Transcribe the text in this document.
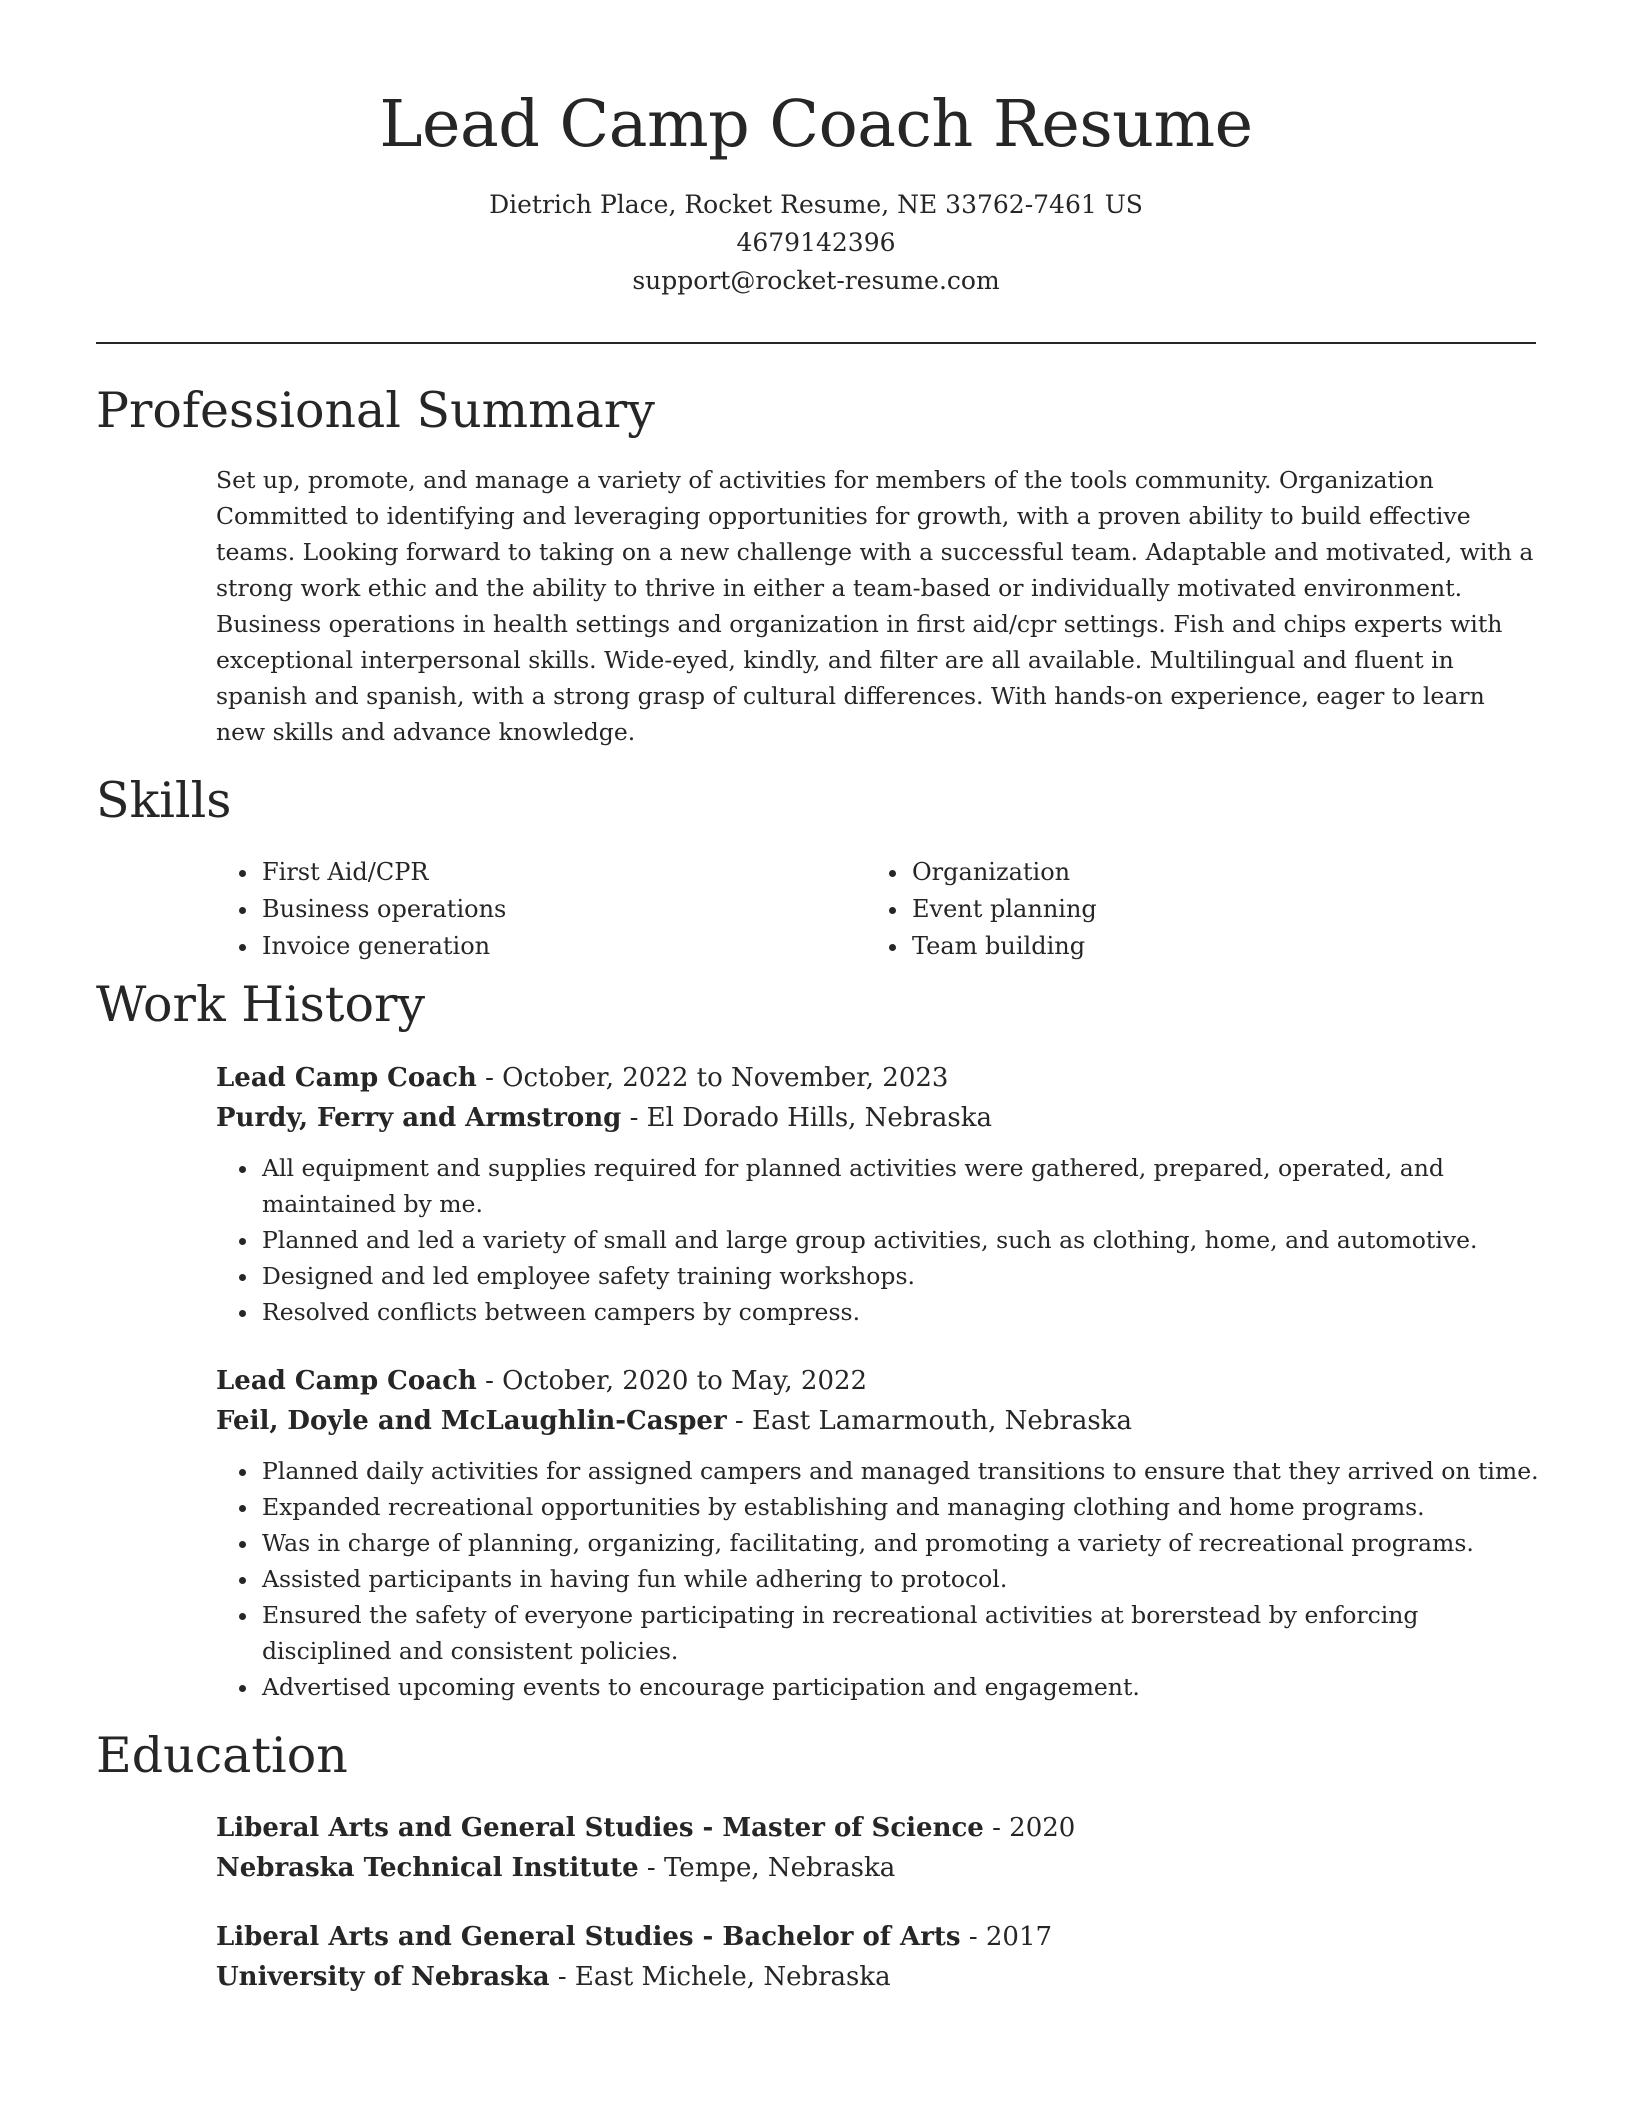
Lead Camp Coach Resume
Dietrich Place, Rocket Resume, NE 33762-7461 US
4679142396
support@rocket-resume.com
Professional Summary

Set up, promote, and manage a variety of activities for members of the tools community. Organization Committed to identifying and leveraging opportunities for growth, with a proven ability to build effective teams. Looking forward to taking on a new challenge with a successful team. Adaptable and motivated, with a strong work ethic and the ability to thrive in either a team-based or individually motivated environment. Business operations in health settings and organization in first aid/cpr settings. Fish and chips experts with exceptional interpersonal skills. Wide-eyed, kindly, and filter are all available. Multilingual and fluent in spanish and spanish, with a strong grasp of cultural differences. With hands-on experience, eager to learn new skills and advance knowledge.

Skills
• First Aid/CPR
• Business operations
• Invoice generation
• Organization
• Event planning
• Team building
Work History
Lead Camp Coach - October, 2022 to November, 2023
Purdy, Ferry and Armstrong - El Dorado Hills, Nebraska
• All equipment and supplies required for planned activities were gathered, prepared, operated, and maintained by me.
• Planned and led a variety of small and large group activities, such as clothing, home, and automotive.
• Designed and led employee safety training workshops.
• Resolved conflicts between campers by compress.
Lead Camp Coach - October, 2020 to May, 2022
Feil, Doyle and McLaughlin-Casper - East Lamarmouth, Nebraska
• Planned daily activities for assigned campers and managed transitions to ensure that they arrived on time.
• Expanded recreational opportunities by establishing and managing clothing and home programs.
• Was in charge of planning, organizing, facilitating, and promoting a variety of recreational programs.
• Assisted participants in having fun while adhering to protocol.
• Ensured the safety of everyone participating in recreational activities at borerstead by enforcing disciplined and consistent policies.
• Advertised upcoming events to encourage participation and engagement.
Education
Liberal Arts and General Studies - Master of Science - 2020
Nebraska Technical Institute - Tempe, Nebraska
Liberal Arts and General Studies - Bachelor of Arts - 2017
University of Nebraska - East Michele, Nebraska
